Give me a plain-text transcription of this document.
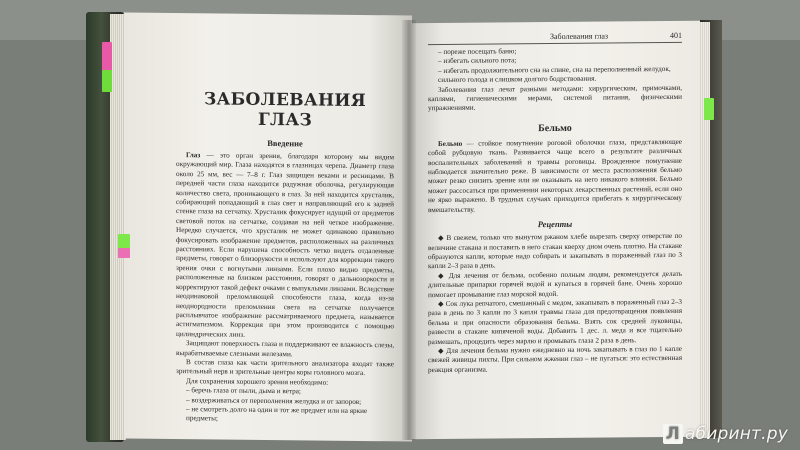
ЗАБОЛЕВАНИЯ ГЛАЗ
Введение

Глаз — это орган зрения, благодаря которому мы видим окружающий мир. Глаза находятся в глазницах черепа. Диаметр глаза около 25 мм, вес — 7–8 г. Глаз защищен веками и ресницами. В передней части глаза находится радужная оболочка, регулирующая количество света, проникающего в глаз. За ней находится хрусталик, собирающий попадающий в глаз свет и направляющий его к задней стенке глаза на сетчатку. Хрусталик фокусирует идущий от предметов световой поток на сетчатке, создавая на ней четкое изображение. Нередко случается, что хрусталик не может одинаково правильно фокусировать изображение предметов, расположенных на различных расстояниях. Если нарушена способность четко видеть отдаленные предметы, говорят о близорукости и используют для коррекции такого зрения очки с вогнутыми линзами. Если плохо видно предметы, расположенные на близком расстоянии, говорят о дальнозоркости и корректируют такой дефект очками с выпуклыми линзами. Вследствие неодинаковой преломляющей способности глаза, когда из-за неоднородности преломления света на сетчатке получается расплывчатое изображение рассматриваемого предмета, называется астигматизмом. Коррекция при этом производится с помощью цилиндрических линз.

Защищают поверхность глаза и поддерживают ее влажность слезы, вырабатываемые слезными железами.

В состав глаза как части зрительного анализатора входят также зрительный нерв и зрительные центры коры головного мозга.

Для сохранения хорошего зрения необходимо:

– беречь глаза от пыли, дыма и ветра;
– воздерживаться от переполнения желудка и от запоров;
– не смотреть долго на один и тот же предмет или на яркие предметы;
Заболевания глаз	401
– пореже посещать баню;
– избегать сильного пота;
– избегать продолжительного сна на спине, сна на переполненный желудок, сильного голода и слишком долгого бодрствования.

Заболевания глаз лечат разными методами: хирургическим, примочками, каплями, гигиеническими мерами, системой питания, физическими упражнениями.

Бельмо

Бельмо — стойкое помутнение роговой оболочки глаза, представляющее собой рубцовую ткань. Развивается чаще всего в результате различных воспалительных заболеваний и травмы роговицы. Врожденное помутнение наблюдается значительно реже. В зависимости от места расположения бельмо может резко снизить зрение или не оказывать на него никакого влияния. Бельмо может рассосаться при применении некоторых лекарственных растений, если оно не ярко выражено. В трудных случаях приходится прибегать к хирургическому вмешательству.

Рецепты

◆ В свежем, только что вынутом ржаном хлебе вырезать сверху отверстие по величине стакана и поставить в него стакан кверху дном очень плотно. На стакане образуются капли, которые надо собирать и закапывать в пораженный глаз по 3 капли 2–3 раза в день.

◆ Для лечения от бельма, особенно полным людям, рекомендуется делать длительные припарки горячей водой и купаться в горячей бане. Очень хорошо помогает промывание глаз морской водой.

◆ Сок лука репчатого, смешанный с медом, закапывать в пораженный глаз 2–3 раза в день по 3 капли по 3 капли травмы глаза для предотвращения появления бельма и при опасности образования бельма. Взять сок средней луковицы, развести в стакане кипяченой воды. Добавить 1 дес. л. меда и все тщательно размешать, процедить через марлю и промывать глаза 2 раза в день.

◆ Для лечения бельма нужно ежедневно на ночь закапывать в глаз по 1 капле свежей живицы пихты. При сильном жжении глаз – не пугаться: это естественная реакция организма.

Л абиринт.ру
